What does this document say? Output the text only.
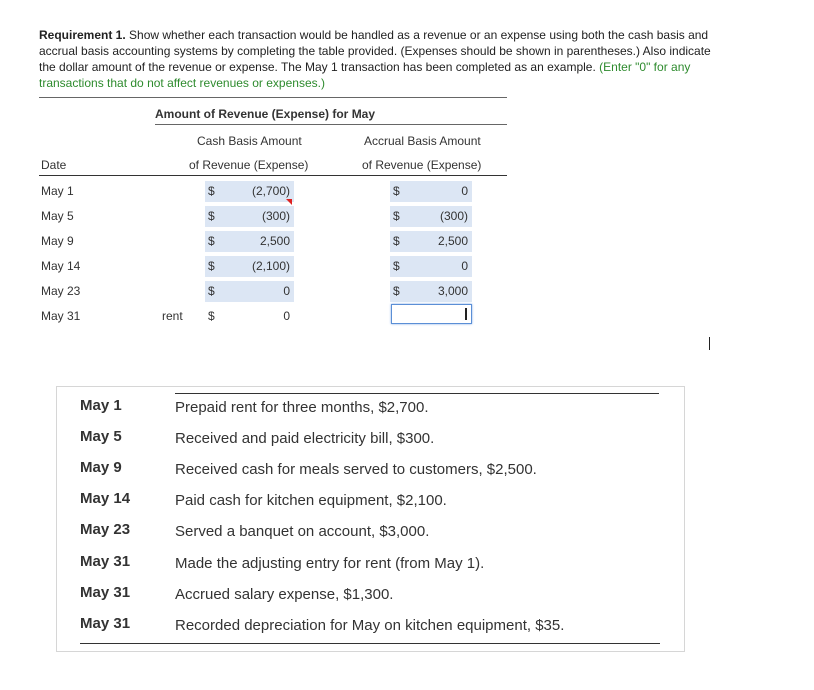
Requirement 1. Show whether each transaction would be handled as a revenue or an expense using both the cash basis and accrual basis accounting systems by completing the table provided. (Expenses should be shown in parentheses.) Also indicate the dollar amount of the revenue or expense. The May 1 transaction has been completed as an example. (Enter "0" for any transactions that do not affect revenues or expenses.)
Amount of Revenue (Expense) for May
Cash Basis Amount	Accrual Basis Amount
Date	of Revenue (Expense)	of Revenue (Expense)
May 1	$	(2,700)	$	0
May 5	$	(300)	$	(300)
May 9	$	2,500	$	2,500
May 14	$	(2,100)	$	0
May 23	$	0	$	3,000
May 31	rent $	0
May 1	Prepaid rent for three months, $2,700.
May 5	Received and paid electricity bill, $300.
May 9	Received cash for meals served to customers, $2,500.
May 14	Paid cash for kitchen equipment, $2,100.
May 23	Served a banquet on account, $3,000.
May 31	Made the adjusting entry for rent (from May 1).
May 31	Accrued salary expense, $1,300.
May 31	Recorded depreciation for May on kitchen equipment, $35.
